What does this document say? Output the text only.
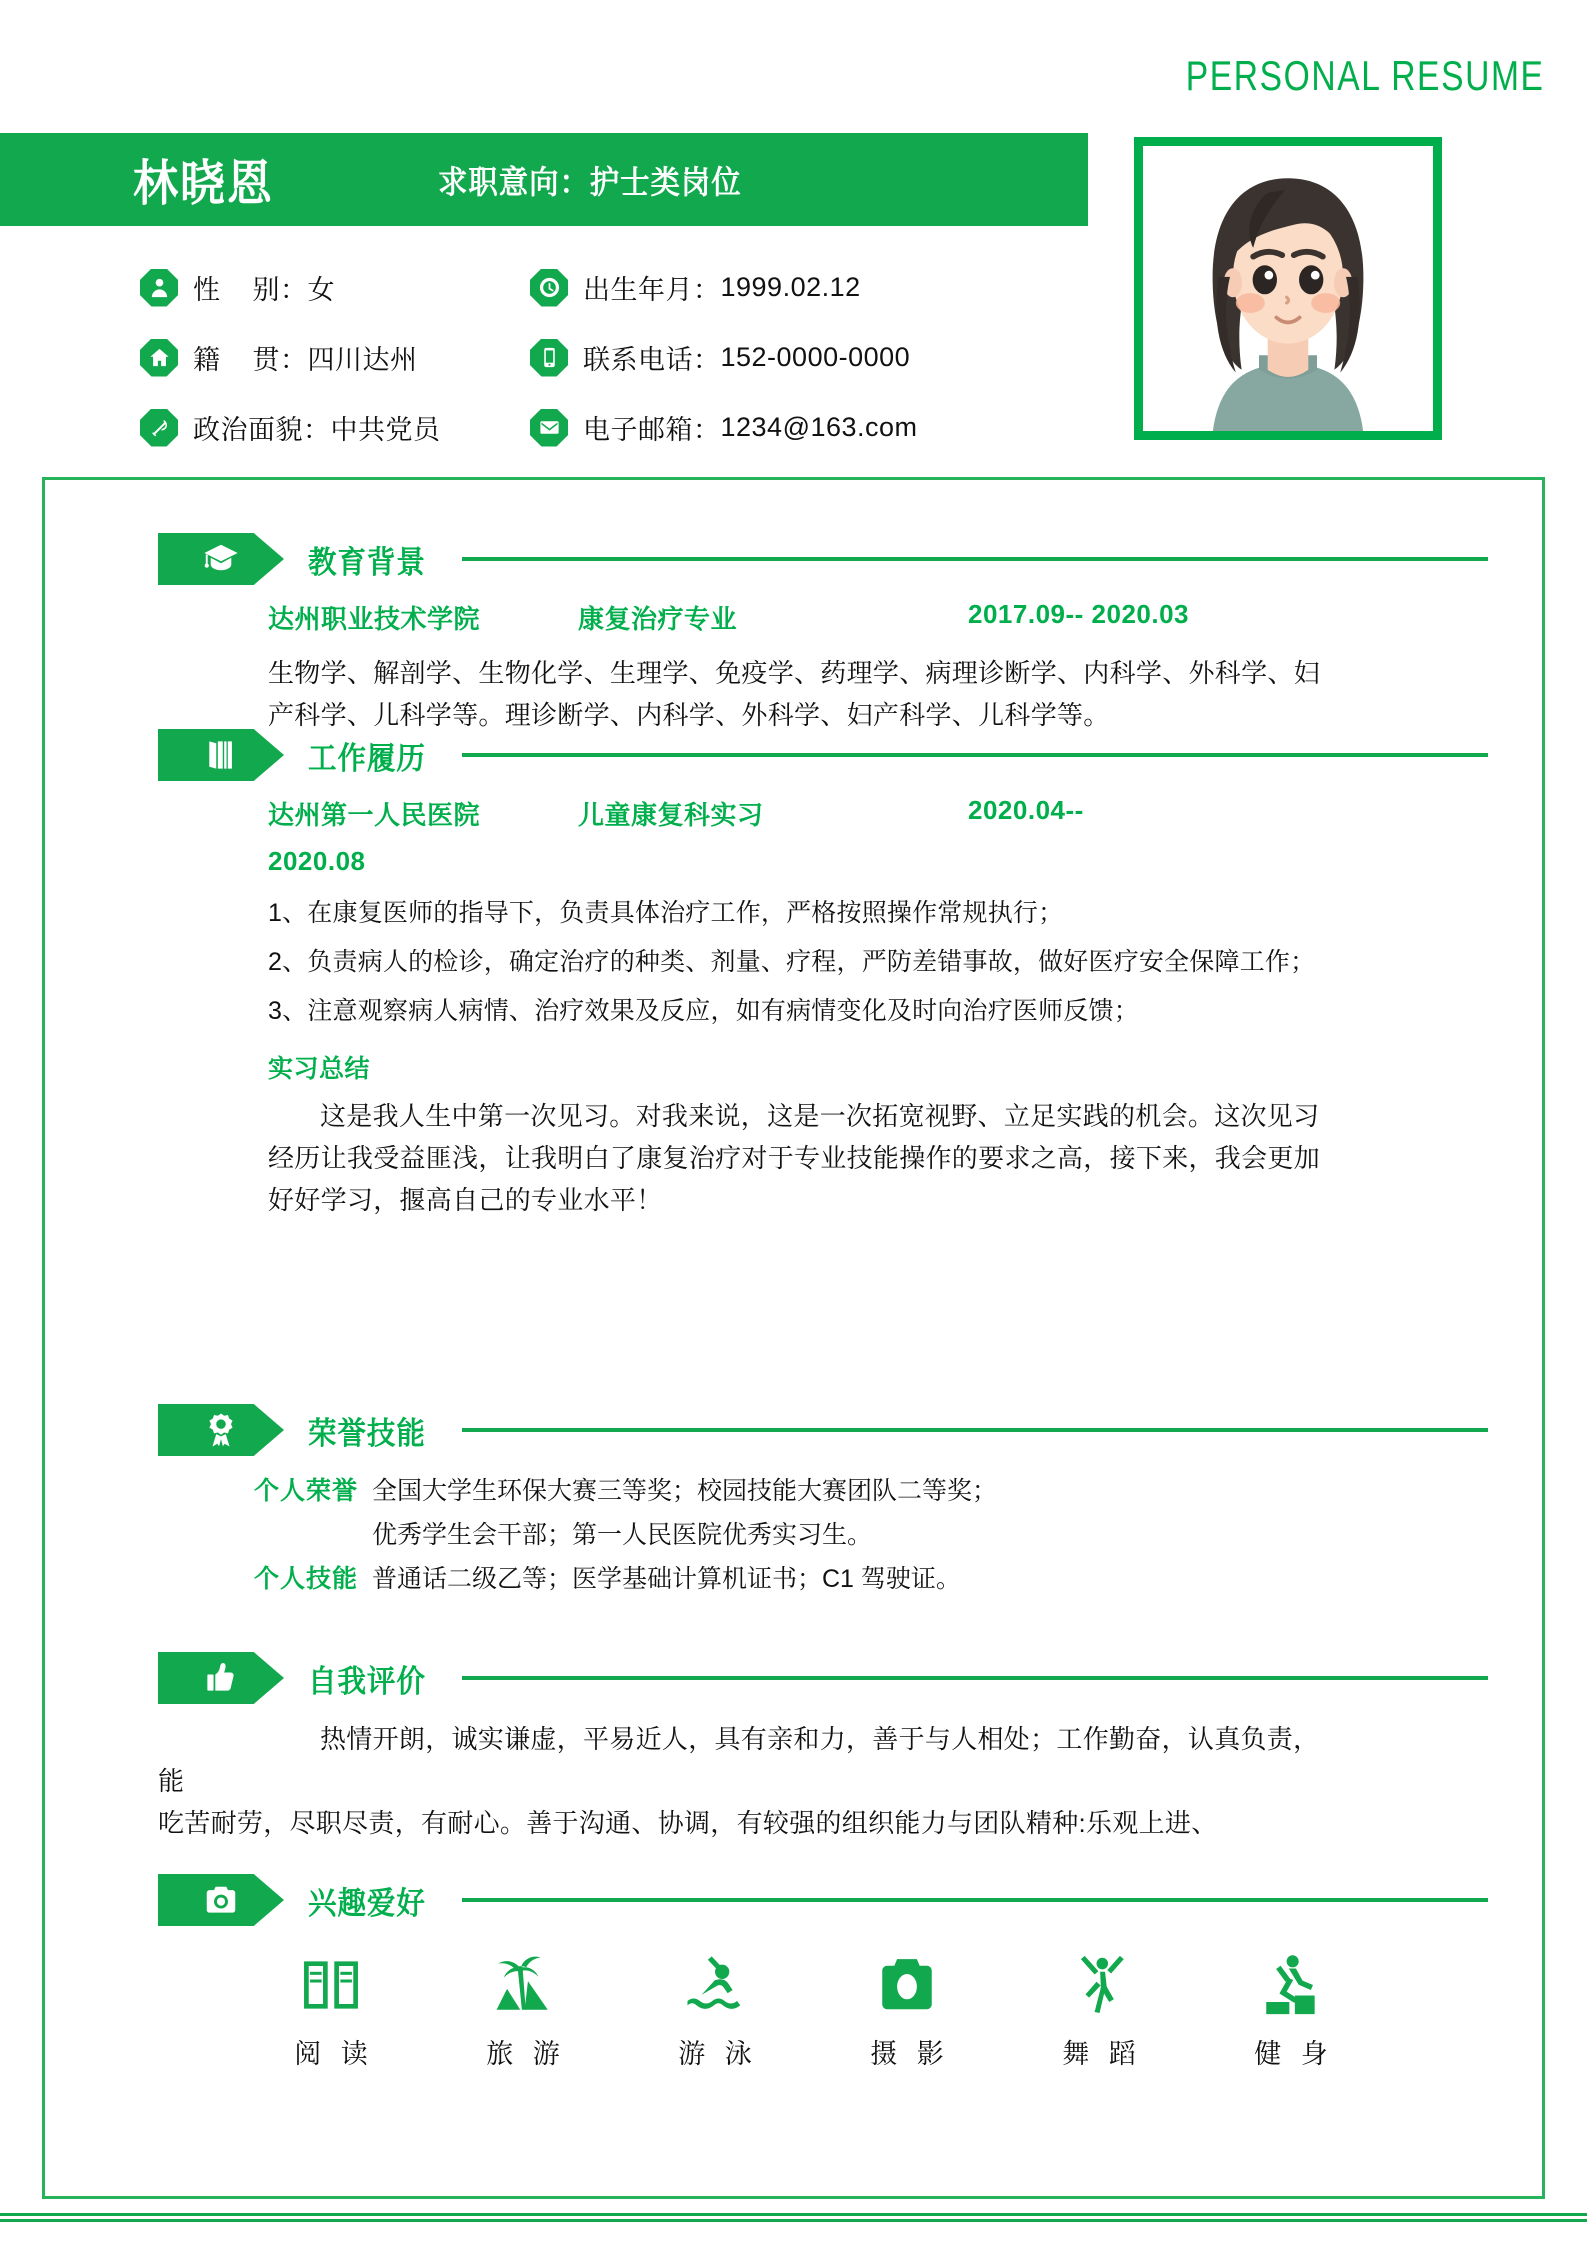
PERSONAL RESUME
林晓恩	求职意向：护士类岗位
性    别： 女	出生年月： 1999.02.12
籍    贯： 四川达州	联系电话： 152-0000-0000
政治面貌： 中共党员	电子邮箱： 1234@163.com
教育背景
达州职业技术学院	康复治疗专业	2017.09-- 2020.03
生物学、解剖学、生物化学、生理学、免疫学、药理学、病理诊断学、内科学、外科学、妇
产科学、儿科学等。理诊断学、内科学、外科学、妇产科学、儿科学等。
工作履历
达州第一人民医院	儿童康复科实习	2020.04--
2020.08
1、在康复医师的指导下，负责具体治疗工作，严格按照操作常规执行；
2、负责病人的检诊，确定治疗的种类、剂量、疗程，严防差错事故，做好医疗安全保障工作；
3、注意观察病人病情、治疗效果及反应，如有病情变化及时向治疗医师反馈；
实习总结
这是我人生中第一次见习。对我来说，这是一次拓宽视野、立足实践的机会。这次见习
经历让我受益匪浅，让我明白了康复治疗对于专业技能操作的要求之高，接下来，我会更加
好好学习，揠高自己的专业水平！
荣誉技能
个人荣誉 全国大学生环保大赛三等奖；校园技能大赛团队二等奖；
优秀学生会干部；第一人民医院优秀实习生。
个人技能 普通话二级乙等；医学基础计算机证书；C1 驾驶证。
自我评价
热情开朗，诚实谦虚，平易近人，具有亲和力，善于与人相处；工作勤奋，认真负责，
能
吃苦耐劳，尽职尽责，有耐心。善于沟通、协调，有较强的组织能力与团队精种:乐观上进、
兴趣爱好
阅 读	旅 游	游 泳	摄 影	舞 蹈	健 身
